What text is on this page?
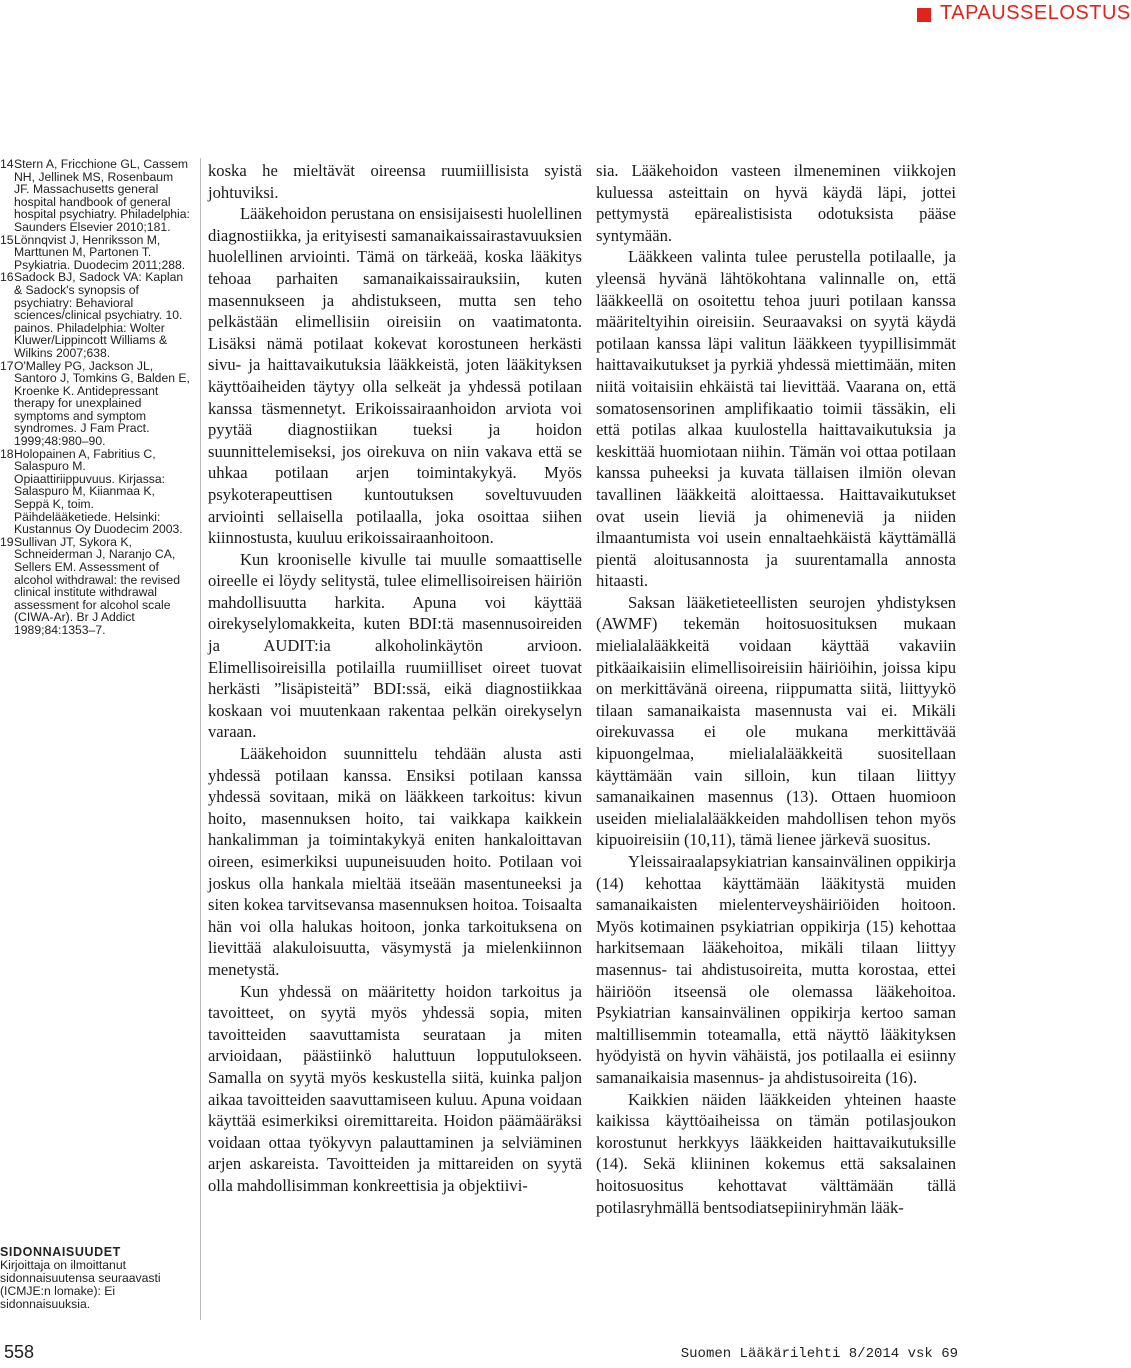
TAPAUSSELOSTUS

14 Stern A, Fricchione GL, Cassem NH, Jellinek MS, Rosenbaum JF. Massachusetts general hospital handbook of general hospital psychiatry. Philadelphia: Saunders Elsevier 2010;181.

15 Lönnqvist J, Henriksson M, Marttunen M, Partonen T. Psykiatria. Duodecim 2011;288.

16 Sadock BJ, Sadock VA: Kaplan & Sadock's synopsis of psychiatry: Behavioral sciences/clinical psychiatry. 10. painos. Philadelphia: Wolter Kluwer/Lippincott Williams & Wilkins 2007;638.

17 O'Malley PG, Jackson JL, Santoro J, Tomkins G, Balden E, Kroenke K. Antidepressant therapy for unexplained symptoms and symptom syndromes. J Fam Pract. 1999;48:980–90.

18 Holopainen A, Fabritius C, Salaspuro M. Opiaattiriippuvuus. Kirjassa: Salaspuro M, Kiianmaa K, Seppä K, toim. Päihdelääketiede. Helsinki: Kustannus Oy Duodecim 2003.

19 Sullivan JT, Sykora K, Schneiderman J, Naranjo CA, Sellers EM. Assessment of alcohol withdrawal: the revised clinical institute withdrawal assessment for alcohol scale (CIWA-Ar). Br J Addict 1989;84:1353–7.

SIDONNAISUUDET
Kirjoittaja on ilmoittanut sidonnaisuutensa seuraavasti (ICMJE:n lomake): Ei sidonnaisuuksia.

koska he mieltävät oireensa ruumiillisista syistä johtuviksi.

Lääkehoidon perustana on ensisijaisesti huolellinen diagnostiikka, ja erityisesti samanaikaissairastavuuksien huolellinen arviointi. Tämä on tärkeää, koska lääkitys tehoaa parhaiten samanaikaissairauksiin, kuten masennukseen ja ahdistukseen, mutta sen teho pelkästään elimellisiin oireisiin on vaatimatonta. Lisäksi nämä potilaat kokevat korostuneen herkästi sivu- ja haittavaikutuksia lääkkeistä, joten lääkityksen käyttöaiheiden täytyy olla selkeät ja yhdessä potilaan kanssa täsmennetyt. Erikoissairaanhoidon arviota voi pyytää diagnostiikan tueksi ja hoidon suunnittelemiseksi, jos oirekuva on niin vakava että se uhkaa potilaan arjen toimintakykyä. Myös psykoterapeuttisen kuntoutuksen soveltuvuuden arviointi sellaisella potilaalla, joka osoittaa siihen kiinnostusta, kuuluu erikoissairaanhoitoon.

Kun krooniselle kivulle tai muulle somaattiselle oireelle ei löydy selitystä, tulee elimellisoireisen häiriön mahdollisuutta harkita. Apuna voi käyttää oirekyselylomakkeita, kuten BDI:tä masennusoireiden ja AUDIT:ia alkoholinkäytön arvioon. Elimellisoireisilla potilailla ruumiilliset oireet tuovat herkästi ”lisäpisteitä” BDI:ssä, eikä diagnostiikkaa koskaan voi muutenkaan rakentaa pelkän oirekyselyn varaan.

Lääkehoidon suunnittelu tehdään alusta asti yhdessä potilaan kanssa. Ensiksi potilaan kanssa yhdessä sovitaan, mikä on lääkkeen tarkoitus: kivun hoito, masennuksen hoito, tai vaikkapa kaikkein hankalimman ja toimintakykyä eniten hankaloittavan oireen, esimerkiksi uupuneisuuden hoito. Potilaan voi joskus olla hankala mieltää itseään masentuneeksi ja siten kokea tarvitsevansa masennuksen hoitoa. Toisaalta hän voi olla halukas hoitoon, jonka tarkoituksena on lievittää alakuloisuutta, väsymystä ja mielenkiinnon menetystä.

Kun yhdessä on määritetty hoidon tarkoitus ja tavoitteet, on syytä myös yhdessä sopia, miten tavoitteiden saavuttamista seurataan ja miten arvioidaan, päästiinkö haluttuun lopputulokseen. Samalla on syytä myös keskustella siitä, kuinka paljon aikaa tavoitteiden saavuttamiseen kuluu. Apuna voidaan käyttää esimerkiksi oiremittareita. Hoidon päämääräksi voidaan ottaa työkyvyn palauttaminen ja selviäminen arjen askareista. Tavoitteiden ja mittareiden on syytä olla mahdollisimman konkreettisia ja objektiivi-

sia. Lääkehoidon vasteen ilmeneminen viikkojen kuluessa asteittain on hyvä käydä läpi, jottei pettymystä epärealistisista odotuksista pääse syntymään.

Lääkkeen valinta tulee perustella potilaalle, ja yleensä hyvänä lähtökohtana valinnalle on, että lääkkeellä on osoitettu tehoa juuri potilaan kanssa määriteltyihin oireisiin. Seuraavaksi on syytä käydä potilaan kanssa läpi valitun lääkkeen tyypillisimmät haittavaikutukset ja pyrkiä yhdessä miettimään, miten niitä voitaisiin ehkäistä tai lievittää. Vaarana on, että somatosensorinen amplifikaatio toimii tässäkin, eli että potilas alkaa kuulostella haittavaikutuksia ja keskittää huomiotaan niihin. Tämän voi ottaa potilaan kanssa puheeksi ja kuvata tällaisen ilmiön olevan tavallinen lääkkeitä aloittaessa. Haittavaikutukset ovat usein lieviä ja ohimeneviä ja niiden ilmaantumista voi usein ennaltaehkäistä käyttämällä pientä aloitusannosta ja suurentamalla annosta hitaasti.

Saksan lääketieteellisten seurojen yhdistyksen (AWMF) tekemän hoitosuosituksen mukaan mielialalääkkeitä voidaan käyttää vakaviin pitkäaikaisiin elimellisoireisiin häiriöihin, joissa kipu on merkittävänä oireena, riippumatta siitä, liittyykö tilaan samanaikaista masennusta vai ei. Mikäli oirekuvassa ei ole mukana merkittävää kipuongelmaa, mielialalääkkeitä suositellaan käyttämään vain silloin, kun tilaan liittyy samanaikainen masennus (13). Ottaen huomioon useiden mielialalääkkeiden mahdollisen tehon myös kipuoireisiin (10,11), tämä lienee järkevä suositus.

Yleissairaalapsykiatrian kansainvälinen oppikirja (14) kehottaa käyttämään lääkitystä muiden samanaikaisten mielenterveyshäiriöiden hoitoon. Myös kotimainen psykiatrian oppikirja (15) kehottaa harkitsemaan lääkehoitoa, mikäli tilaan liittyy masennus- tai ahdistusoireita, mutta korostaa, ettei häiriöön itseensä ole olemassa lääkehoitoa. Psykiatrian kansainvälinen oppikirja kertoo saman maltillisemmin toteamalla, että näyttö lääkityksen hyödyistä on hyvin vähäistä, jos potilaalla ei esiinny samanaikaisia masennus- ja ahdistusoireita (16).

Kaikkien näiden lääkkeiden yhteinen haaste kaikissa käyttöaiheissa on tämän potilasjoukon korostunut herkkyys lääkkeiden haittavaikutuksille (14). Sekä kliininen kokemus että saksalainen hoitosuositus kehottavat välttämään tällä potilasryhmällä bentsodiatsepiiniryhmän lääk-

558	Suomen Lääkärilehti 8/2014 vsk 69
